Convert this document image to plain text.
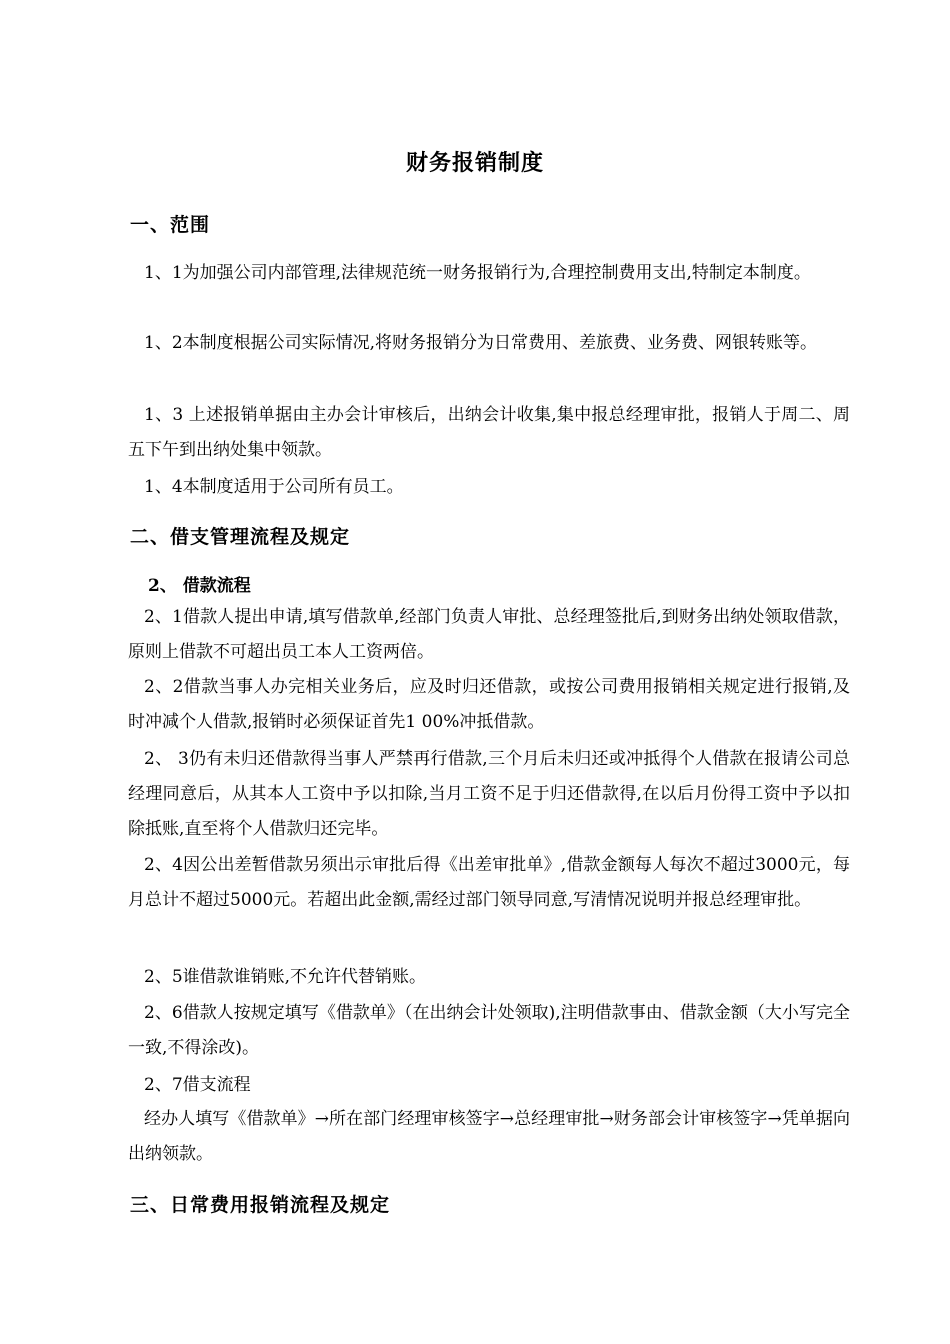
财务报销制度
一、范围
1、1为加强公司内部管理,法律规范统一财务报销行为,合理控制费用支出,特制定本制度。
1、2本制度根据公司实际情况,将财务报销分为日常费用、差旅费、业务费、网银转账等。
1、3 上述报销单据由主办会计审核后，出纳会计收集,集中报总经理审批，报销人于周二、周五下午到出纳处集中领款。
1、4本制度适用于公司所有员工。
二、借支管理流程及规定
2、 借款流程
2、1借款人提出申请,填写借款单,经部门负责人审批、总经理签批后,到财务出纳处领取借款，原则上借款不可超出员工本人工资两倍。
2、2借款当事人办完相关业务后，应及时归还借款，或按公司费用报销相关规定进行报销,及时冲减个人借款,报销时必须保证首先1 00%冲抵借款。
2、 3仍有未归还借款得当事人严禁再行借款,三个月后未归还或冲抵得个人借款在报请公司总经理同意后，从其本人工资中予以扣除,当月工资不足于归还借款得,在以后月份得工资中予以扣除抵账,直至将个人借款归还完毕。
2、4因公出差暂借款另须出示审批后得《出差审批单》,借款金额每人每次不超过3000元，每月总计不超过5000元。若超出此金额,需经过部门领导同意,写清情况说明并报总经理审批。
2、5谁借款谁销账,不允许代替销账。
2、6借款人按规定填写《借款单》（在出纳会计处领取),注明借款事由、借款金额（大小写完全一致,不得涂改)。
2、7借支流程
经办人填写《借款单》→所在部门经理审核签字→总经理审批→财务部会计审核签字→凭单据向出纳领款。
三、日常费用报销流程及规定
